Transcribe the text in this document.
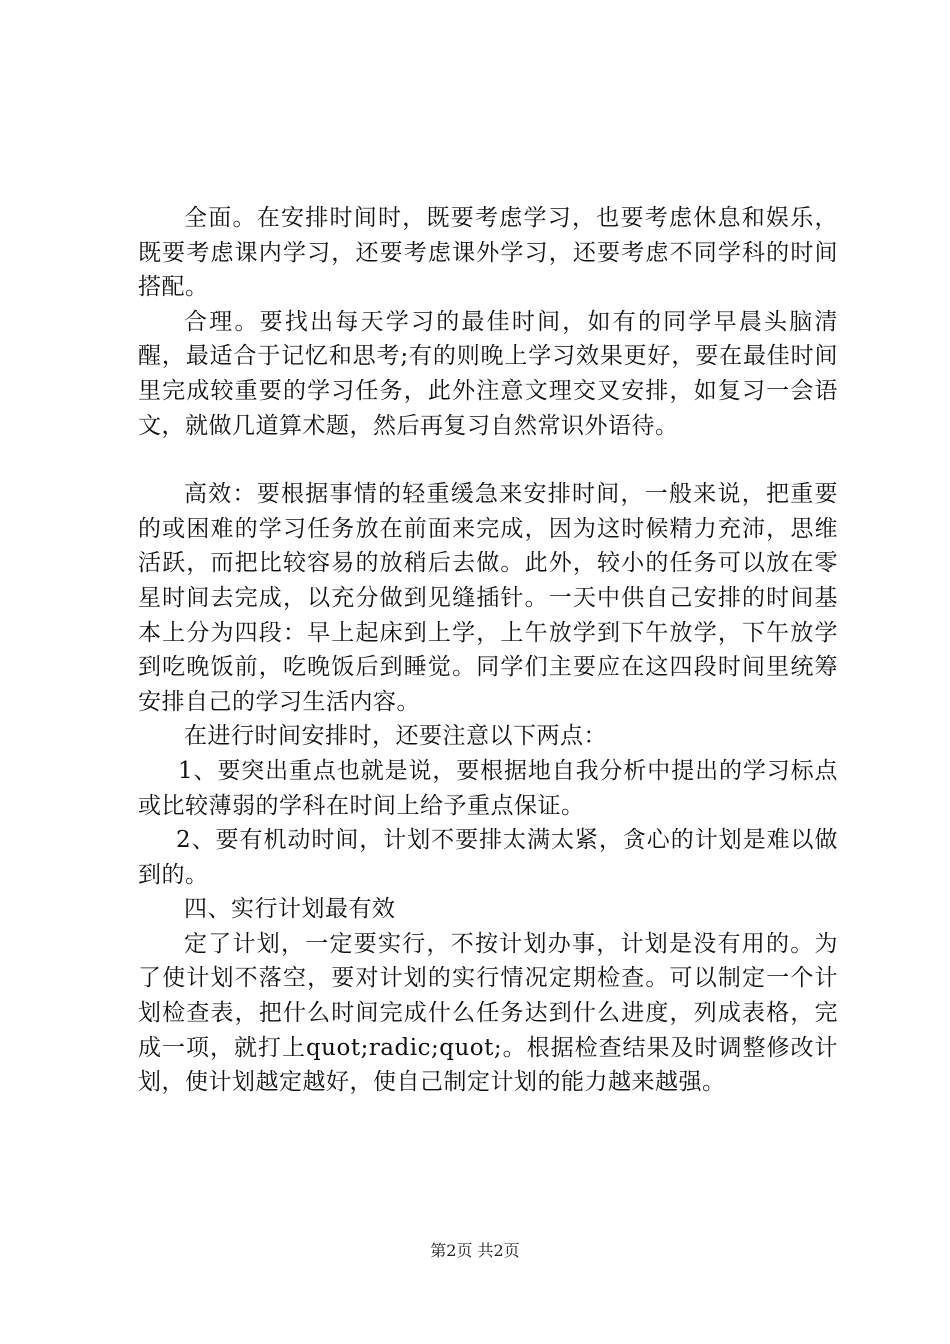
全面。在安排时间时，既要考虑学习，也要考虑休息和娱乐，既要考虑课内学习，还要考虑课外学习，还要考虑不同学科的时间搭配。

合理。要找出每天学习的最佳时间，如有的同学早晨头脑清醒，最适合于记忆和思考;有的则晚上学习效果更好，要在最佳时间里完成较重要的学习任务，此外注意文理交叉安排，如复习一会语文，就做几道算术题，然后再复习自然常识外语待。

高效：要根据事情的轻重缓急来安排时间，一般来说，把重要的或困难的学习任务放在前面来完成，因为这时候精力充沛，思维活跃，而把比较容易的放稍后去做。此外，较小的任务可以放在零星时间去完成，以充分做到见缝插针。一天中供自己安排的时间基本上分为四段：早上起床到上学，上午放学到下午放学，下午放学到吃晚饭前，吃晚饭后到睡觉。同学们主要应在这四段时间里统筹安排自己的学习生活内容。

在进行时间安排时，还要注意以下两点：

1、要突出重点也就是说，要根据地自我分析中提出的学习标点或比较薄弱的学科在时间上给予重点保证。

2、要有机动时间，计划不要排太满太紧，贪心的计划是难以做到的。

四、实行计划最有效

定了计划，一定要实行，不按计划办事，计划是没有用的。为了使计划不落空，要对计划的实行情况定期检查。可以制定一个计划检查表，把什么时间完成什么任务达到什么进度，列成表格，完成一项，就打上quot;radic;quot;。根据检查结果及时调整修改计划，使计划越定越好，使自己制定计划的能力越来越强。

第2页 共2页
